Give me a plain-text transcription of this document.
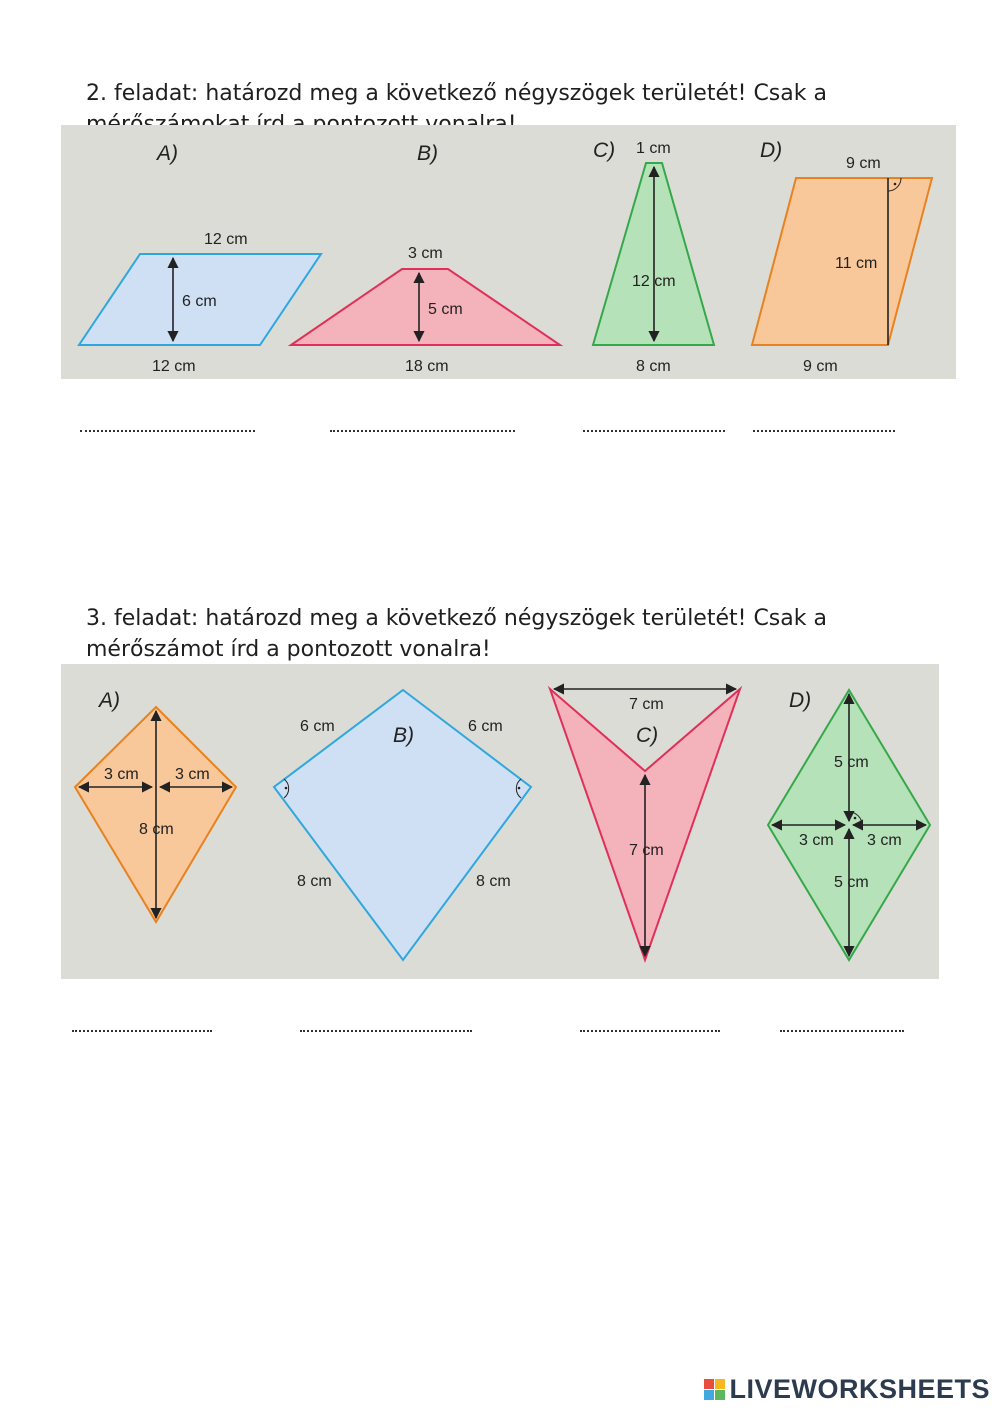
2. feladat: határozd meg a következő négyszögek területét! Csak a
A)
12 cm
6 cm
12 cm
B)
3 cm
5 cm
18 cm
C) 1 cm
12 cm
8 cm
D)
9 cm
11 cm
9 cm
3. feladat: határozd meg a következő négyszögek területét! Csak a
mérőszámot írd a pontozott vonalra!
A)
3 cm 3 cm
8 cm
B)
6 cm	6 cm
8 cm	8 cm
C)
7 cm
7 cm
D)
5 cm
3 cm 3 cm
5 cm
LIVEWORKSHEETS
